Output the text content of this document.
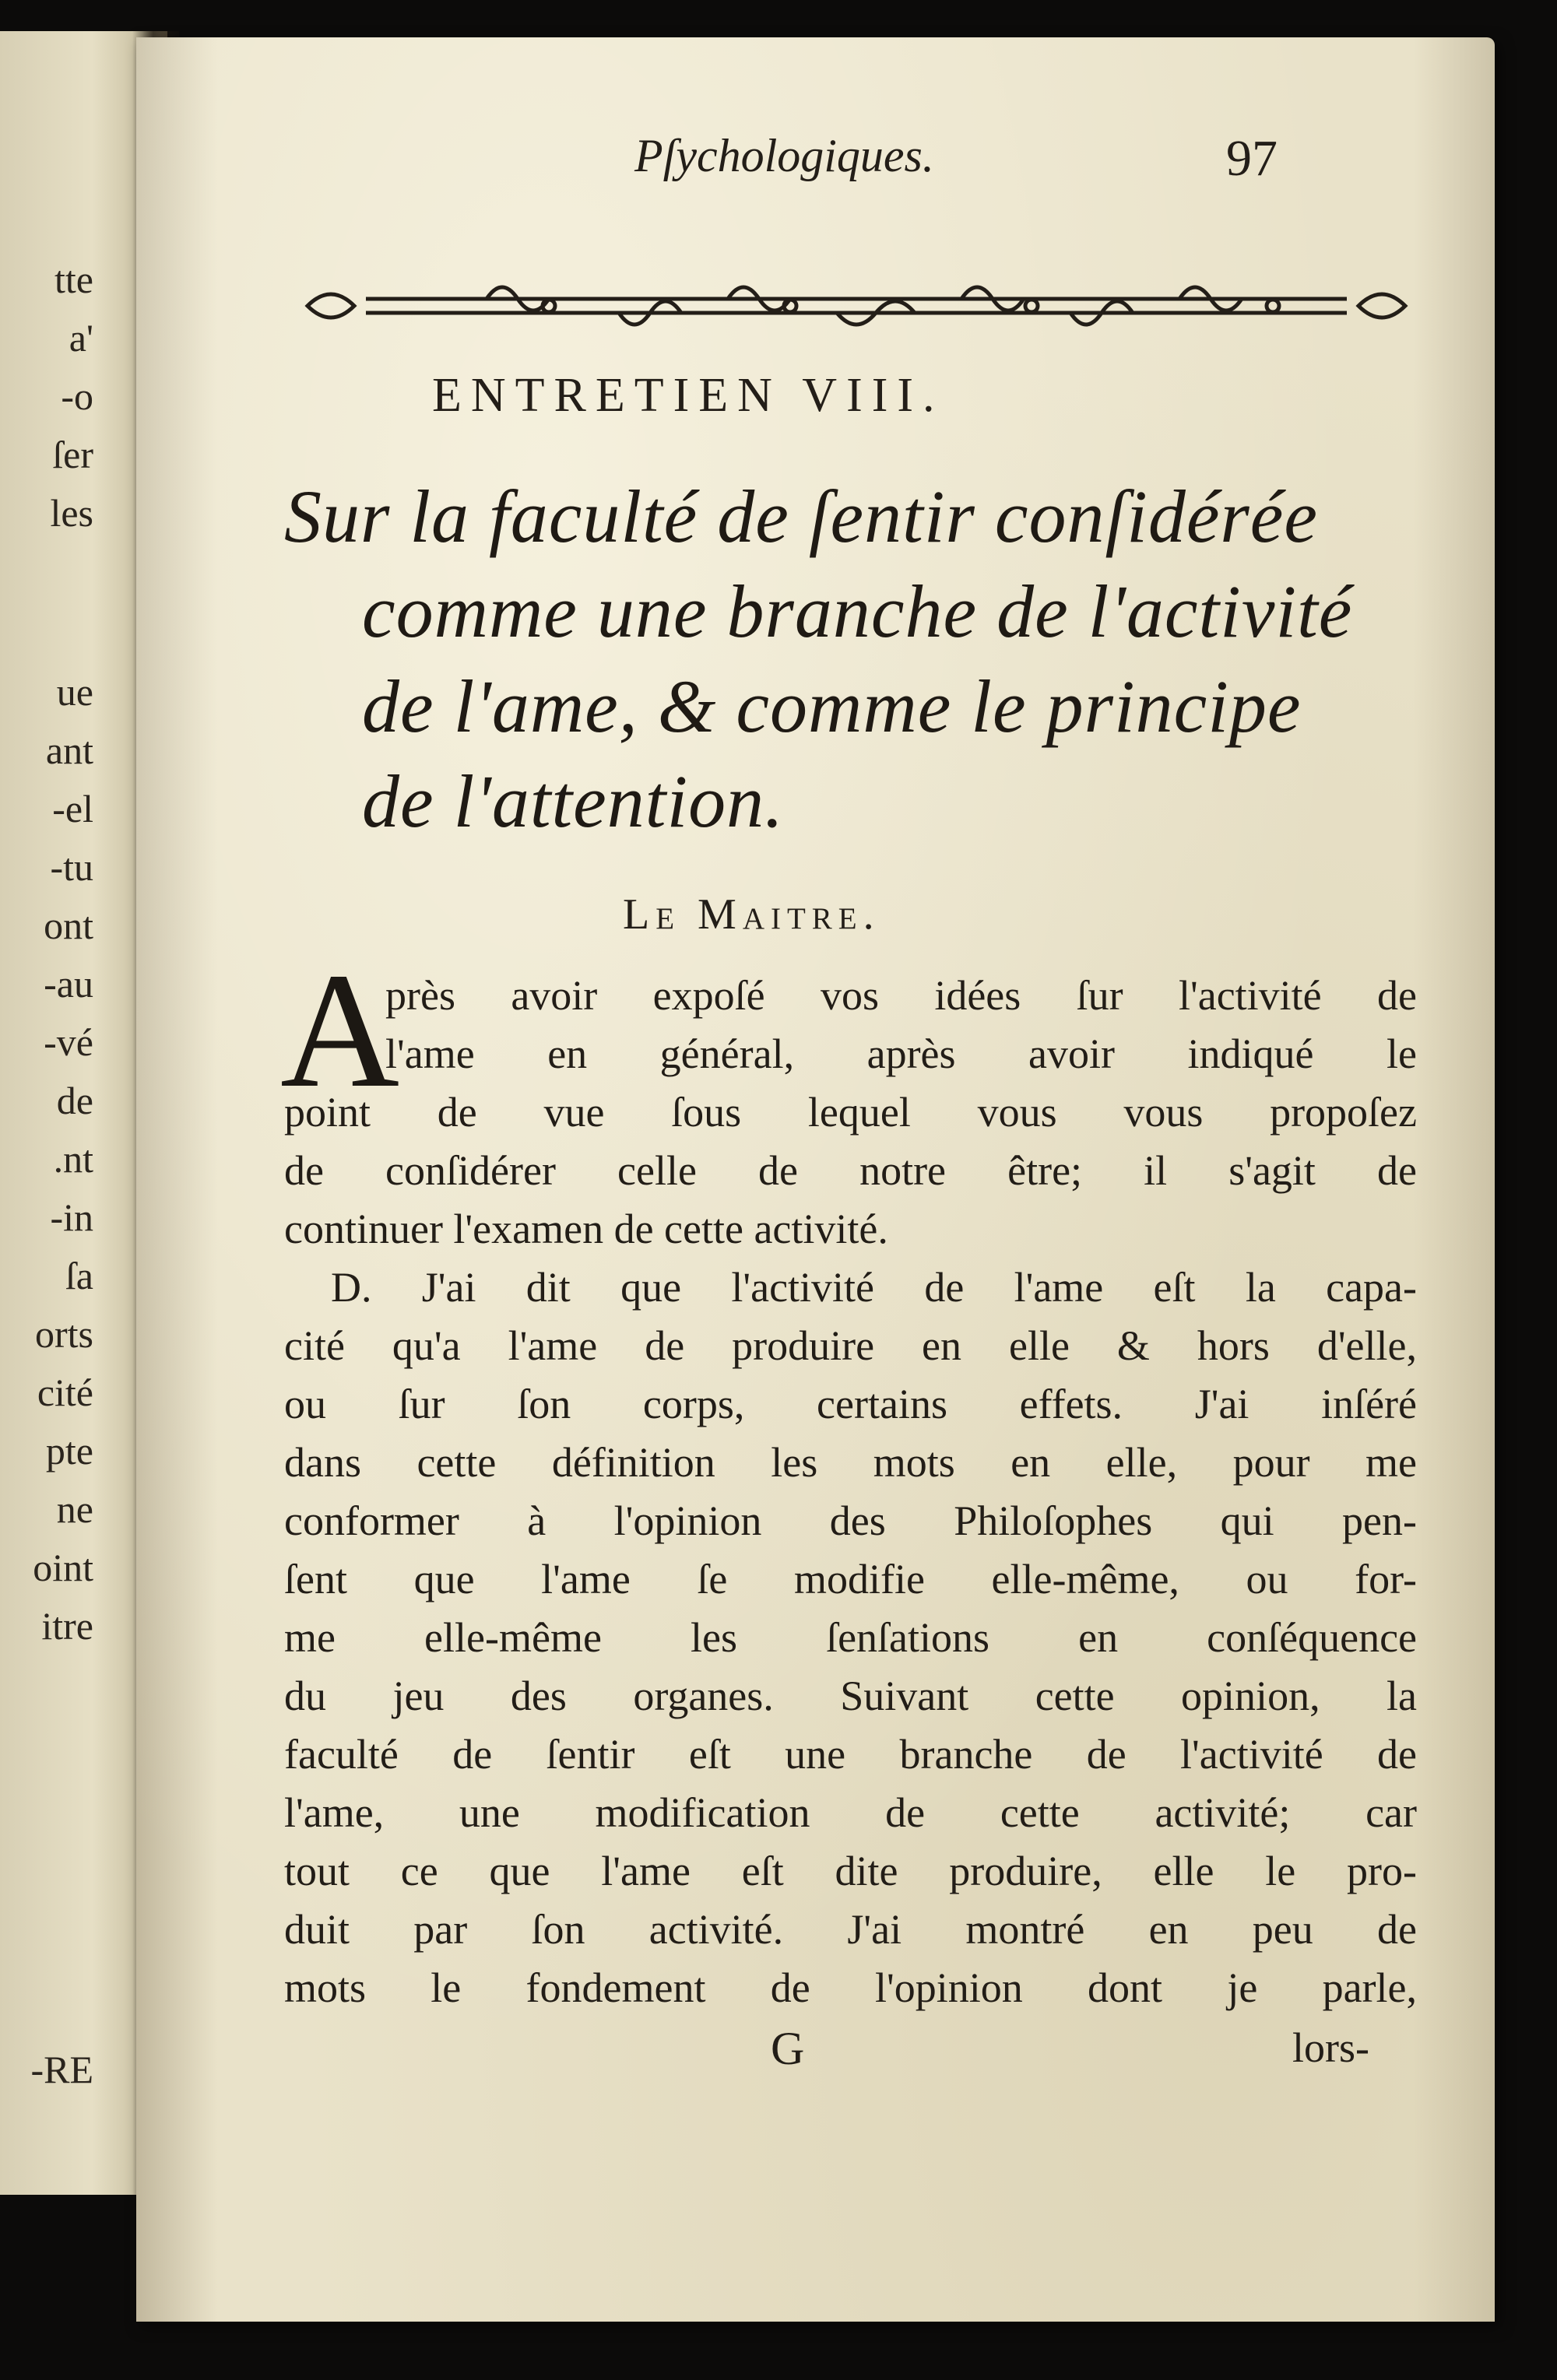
tte
'a
o-
ſer
les
ue
ant
el-
tu-
ont
au-
vé-
de
nt.
in-
ſa
orts
cité
pte
ne
oint
itre
RE-
Pſychologiques.	97
ENTRETIEN VIII.
Sur la faculté de ſentir conſidérée
comme une branche de l'activité
de l'ame, & comme le principe
de l'attention.
Le Maitre.
A
près avoir expoſé vos idées ſur l'activité de
l'ame en général, après avoir indiqué le
point de vue ſous lequel vous vous propoſez
de conſidérer celle de notre être; il s'agit de
continuer l'examen de cette activité.
D. J'ai dit que l'activité de l'ame eſt la capa-
cité qu'a l'ame de produire en elle & hors d'elle,
ou ſur ſon corps, certains effets. J'ai inſéré
dans cette définition les mots en elle, pour me
conformer à l'opinion des Philoſophes qui pen-
ſent que l'ame ſe modifie elle-même, ou for-
me elle-même les ſenſations en conſéquence
du jeu des organes. Suivant cette opinion, la
faculté de ſentir eſt une branche de l'activité de
l'ame, une modification de cette activité; car
tout ce que l'ame eſt dite produire, elle le pro-
duit par ſon activité. J'ai montré en peu de
mots le fondement de l'opinion dont je parle,
G	lors-
